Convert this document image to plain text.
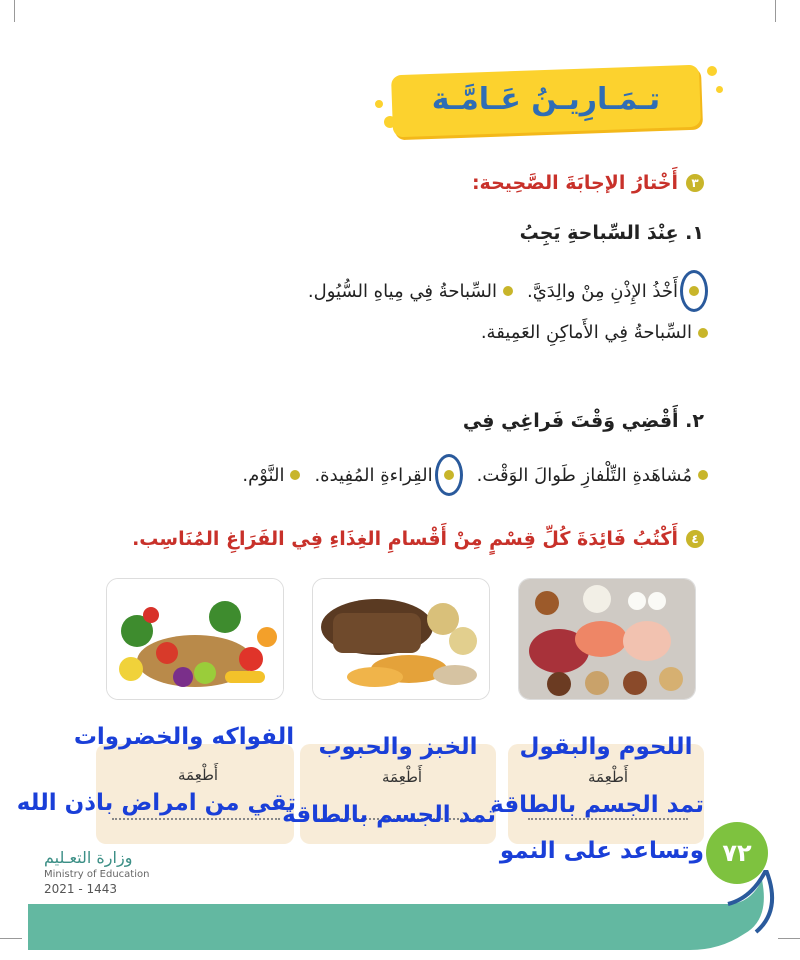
تـمَـارِيـنُ عَـامَّـة
٣
أَخْتارُ الإجابَةَ الصَّحِيحة:
١. عِنْدَ السِّباحةِ يَجِبُ
أَخْذُ الإِذْنِ مِنْ والِدَيَّ.
السِّباحةُ فِي مِياهِ السُّيُول.
السِّباحةُ فِي الأَماكِنِ العَمِيقة.
٢. أَقْضِي وَقْتَ فَراغِي فِي
مُشاهَدةِ التِّلْفازِ طَوالَ الوَقْت.
القِراءةِ المُفِيدة.
النَّوْم.
٤
أَكْتُبُ فَائِدَةَ كُلِّ قِسْمٍ مِنْ أَقْسامِ الغِذَاءِ فِي الفَرَاغِ المُنَاسِب.
اللحوم والبقول
أَطْعِمَة
تمد الجسم بالطاقة
وتساعد على النمو
الخبز والحبوب
أَطْعِمَة
تمد الجسم بالطاقة
الفواكه والخضروات
أَطْعِمَة
تقي من امراض باذن الله
وزارة التعـليم
Ministry of Education
2021 - 1443
٧٢
